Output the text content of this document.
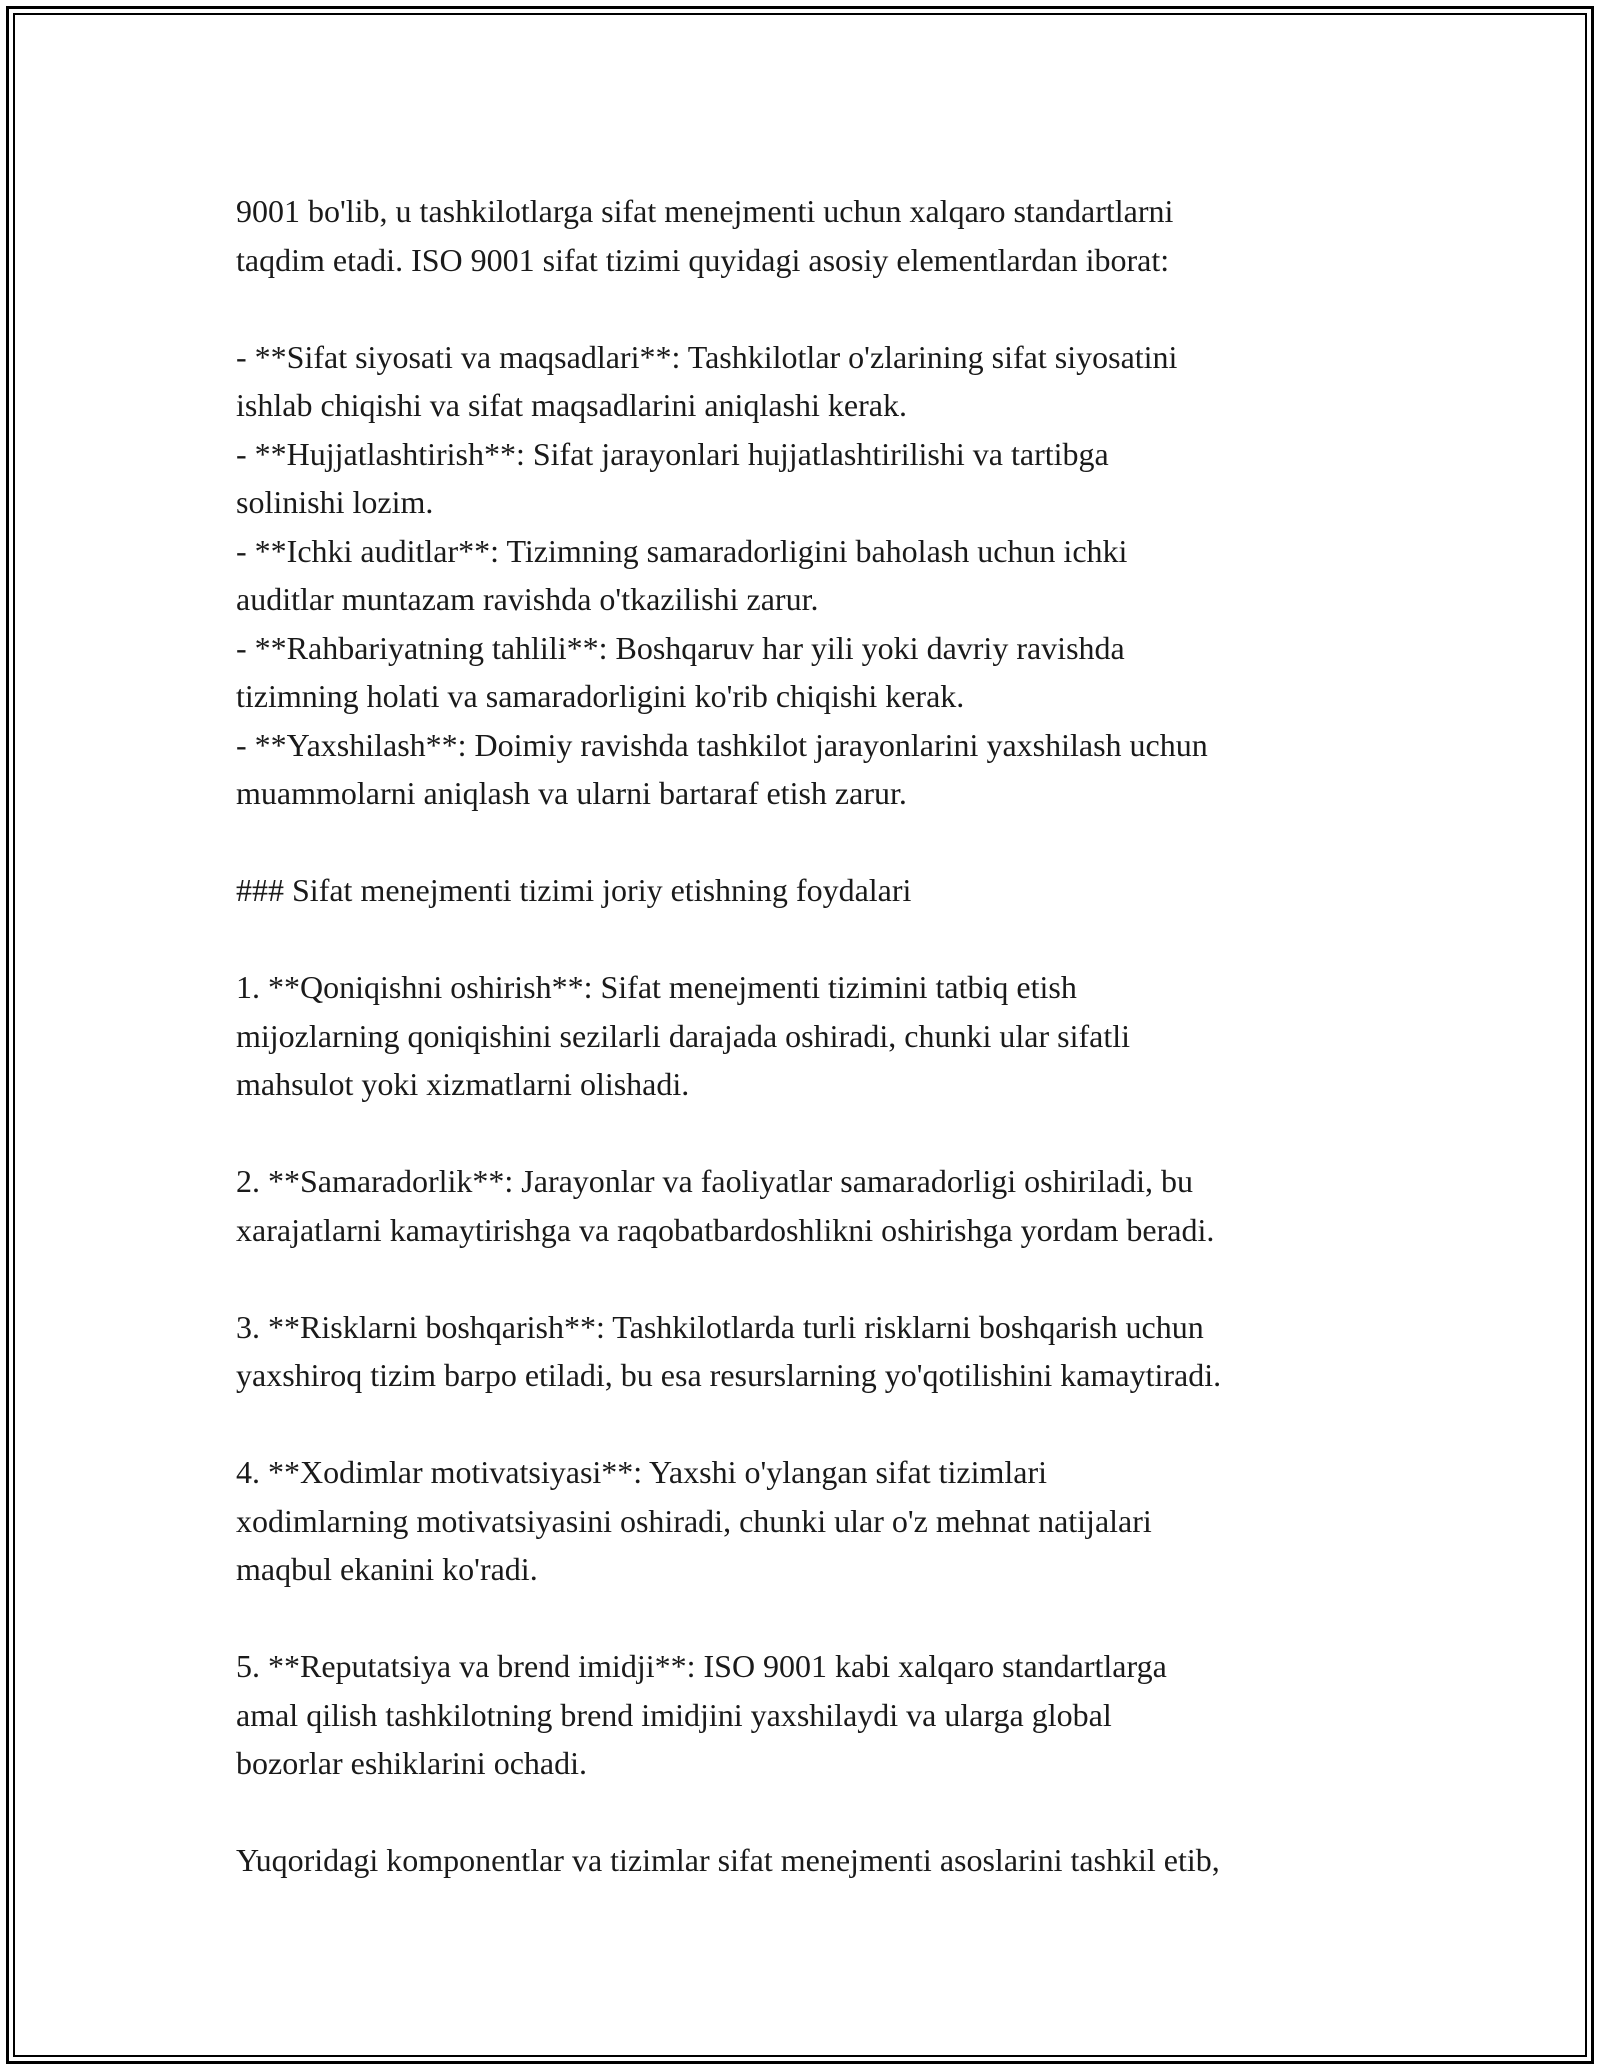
9001 bo'lib, u tashkilotlarga sifat menejmenti uchun xalqaro standartlarni
taqdim etadi. ISO 9001 sifat tizimi quyidagi asosiy elementlardan iborat:
- **Sifat siyosati va maqsadlari**: Tashkilotlar o'zlarining sifat siyosatini
ishlab chiqishi va sifat maqsadlarini aniqlashi kerak.
- **Hujjatlashtirish**: Sifat jarayonlari hujjatlashtirilishi va tartibga
solinishi lozim.
- **Ichki auditlar**: Tizimning samaradorligini baholash uchun ichki
auditlar muntazam ravishda o'tkazilishi zarur.
- **Rahbariyatning tahlili**: Boshqaruv har yili yoki davriy ravishda
tizimning holati va samaradorligini ko'rib chiqishi kerak.
- **Yaxshilash**: Doimiy ravishda tashkilot jarayonlarini yaxshilash uchun
muammolarni aniqlash va ularni bartaraf etish zarur.
### Sifat menejmenti tizimi joriy etishning foydalari
1. **Qoniqishni oshirish**: Sifat menejmenti tizimini tatbiq etish
mijozlarning qoniqishini sezilarli darajada oshiradi, chunki ular sifatli
mahsulot yoki xizmatlarni olishadi.
2. **Samaradorlik**: Jarayonlar va faoliyatlar samaradorligi oshiriladi, bu
xarajatlarni kamaytirishga va raqobatbardoshlikni oshirishga yordam beradi.
3. **Risklarni boshqarish**: Tashkilotlarda turli risklarni boshqarish uchun
yaxshiroq tizim barpo etiladi, bu esa resurslarning yo'qotilishini kamaytiradi.
4. **Xodimlar motivatsiyasi**: Yaxshi o'ylangan sifat tizimlari
xodimlarning motivatsiyasini oshiradi, chunki ular o'z mehnat natijalari
maqbul ekanini ko'radi.
5. **Reputatsiya va brend imidji**: ISO 9001 kabi xalqaro standartlarga
amal qilish tashkilotning brend imidjini yaxshilaydi va ularga global
bozorlar eshiklarini ochadi.
Yuqoridagi komponentlar va tizimlar sifat menejmenti asoslarini tashkil etib,
